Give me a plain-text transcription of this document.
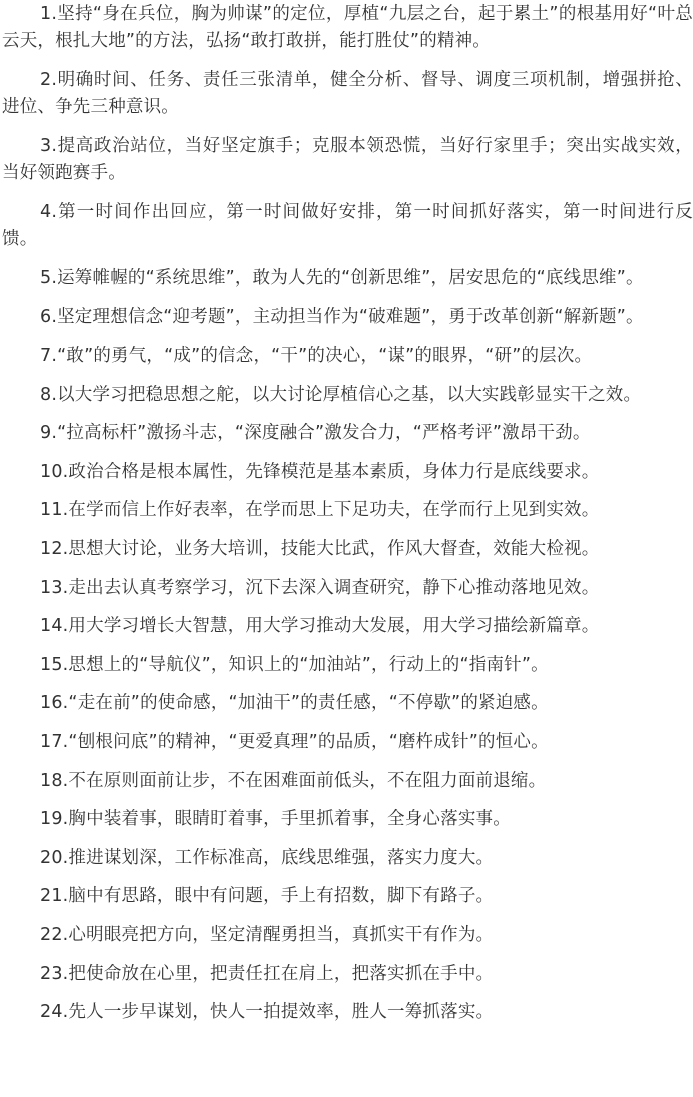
1.坚持“身在兵位，胸为帅谋”的定位，厚植“九层之台，起于累土”的根基用好“叶总云天，根扎大地”的方法，弘扬“敢打敢拼，能打胜仗”的精神。

2.明确时间、任务、责任三张清单，健全分析、督导、调度三项机制，增强拼抢、进位、争先三种意识。

3.提高政治站位，当好坚定旗手；克服本领恐慌，当好行家里手；突出实战实效，当好领跑赛手。

4.第一时间作出回应，第一时间做好安排，第一时间抓好落实，第一时间进行反馈。

5.运筹帷幄的“系统思维”，敢为人先的“创新思维”，居安思危的“底线思维”。

6.坚定理想信念“迎考题”，主动担当作为“破难题”，勇于改革创新“解新题”。

7.“敢”的勇气，“成”的信念，“干”的决心，“谋”的眼界，“研”的层次。

8.以大学习把稳思想之舵，以大讨论厚植信心之基，以大实践彰显实干之效。

9.“拉高标杆”激扬斗志，“深度融合”激发合力，“严格考评”激昂干劲。

10.政治合格是根本属性，先锋模范是基本素质，身体力行是底线要求。

11.在学而信上作好表率，在学而思上下足功夫，在学而行上见到实效。

12.思想大讨论，业务大培训，技能大比武，作风大督查，效能大检视。

13.走出去认真考察学习，沉下去深入调查研究，静下心推动落地见效。

14.用大学习增长大智慧，用大学习推动大发展，用大学习描绘新篇章。

15.思想上的“导航仪”，知识上的“加油站”，行动上的“指南针”。

16.“走在前”的使命感，“加油干”的责任感，“不停歇”的紧迫感。

17.“刨根问底”的精神，“更爱真理”的品质，“磨杵成针”的恒心。

18.不在原则面前让步，不在困难面前低头，不在阻力面前退缩。

19.胸中装着事，眼睛盯着事，手里抓着事，全身心落实事。

20.推进谋划深，工作标准高，底线思维强，落实力度大。

21.脑中有思路，眼中有问题，手上有招数，脚下有路子。

22.心明眼亮把方向，坚定清醒勇担当，真抓实干有作为。

23.把使命放在心里，把责任扛在肩上，把落实抓在手中。

24.先人一步早谋划，快人一拍提效率，胜人一筹抓落实。
